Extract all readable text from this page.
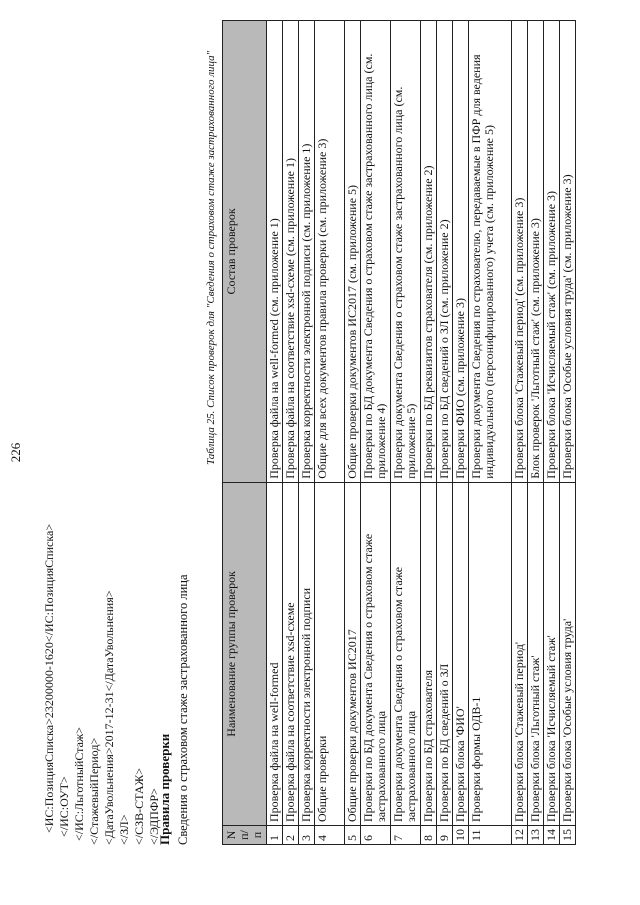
226
<ИС:ПозицияСписка>23200000-1620</ИС:ПозицияСписка> </ИС:ОУТ> </ИС:ЛьготныйСтаж> </СтажевыйПериод> <ДатаУвольнения>2017-12-31</ДатаУвольнения> </ЗЛ> </СЗВ-СТАЖ> </ЭДПФР>
Правила проверки Сведения о страховом стаже застрахованного лица
Таблица 25. Список проверок для "Сведения о страховом стаже застрахованного лица"
N п/п	Наименование группы проверок	Состав проверок
1	Проверка файла на well-formed	Проверка файла на well-formed (см. приложение 1)
2	Проверка файла на соответствие xsd-схеме	Проверка файла на соответствие xsd-схеме (см. приложение 1)
3	Проверка корректности электронной подписи	Проверка корректности электронной подписи (см. приложение 1)
4	Общие проверки	Общие для всех документов правила проверки (см. приложение 3)
5	Общие проверки документов ИС2017	Общие проверки документов ИС2017 (см. приложение 5)
6	Проверки по БД документа Сведения о страховом стаже застрахованного лица	Проверки по БД документа Сведения о страховом стаже застрахованного лица (см. приложение 4)
7	Проверки документа Сведения о страховом стаже застрахованного лица	Проверки документа Сведения о страховом стаже застрахованного лица (см. приложение 5)
8	Проверки по БД страхователя	Проверки по БД реквизитов страхователя (см. приложение 2)
9	Проверки по БД сведений о ЗЛ	Проверки по БД сведений о ЗЛ (см. приложение 2)
10	Проверки блока 'ФИО'	Проверки ФИО (см. приложение 3)
11	Проверки формы ОДВ-1	Проверки документа Сведения по страхователю, передаваемые в ПФР для ведения индивидуального (персонифицированного) учета (см. приложение 5)
12	Проверки блока 'Стажевый период'	Проверки блока 'Стажевый период' (см. приложение 3)
13	Проверки блока 'Льготный стаж'	Блок проверок 'Льготный стаж' (см. приложение 3)
14	Проверки блока 'Исчисляемый стаж'	Проверки блока 'Исчисляемый стаж' (см. приложение 3)
15	Проверки блока 'Особые условия труда'	Проверки блока 'Особые условия труда' (см. приложение 3)
